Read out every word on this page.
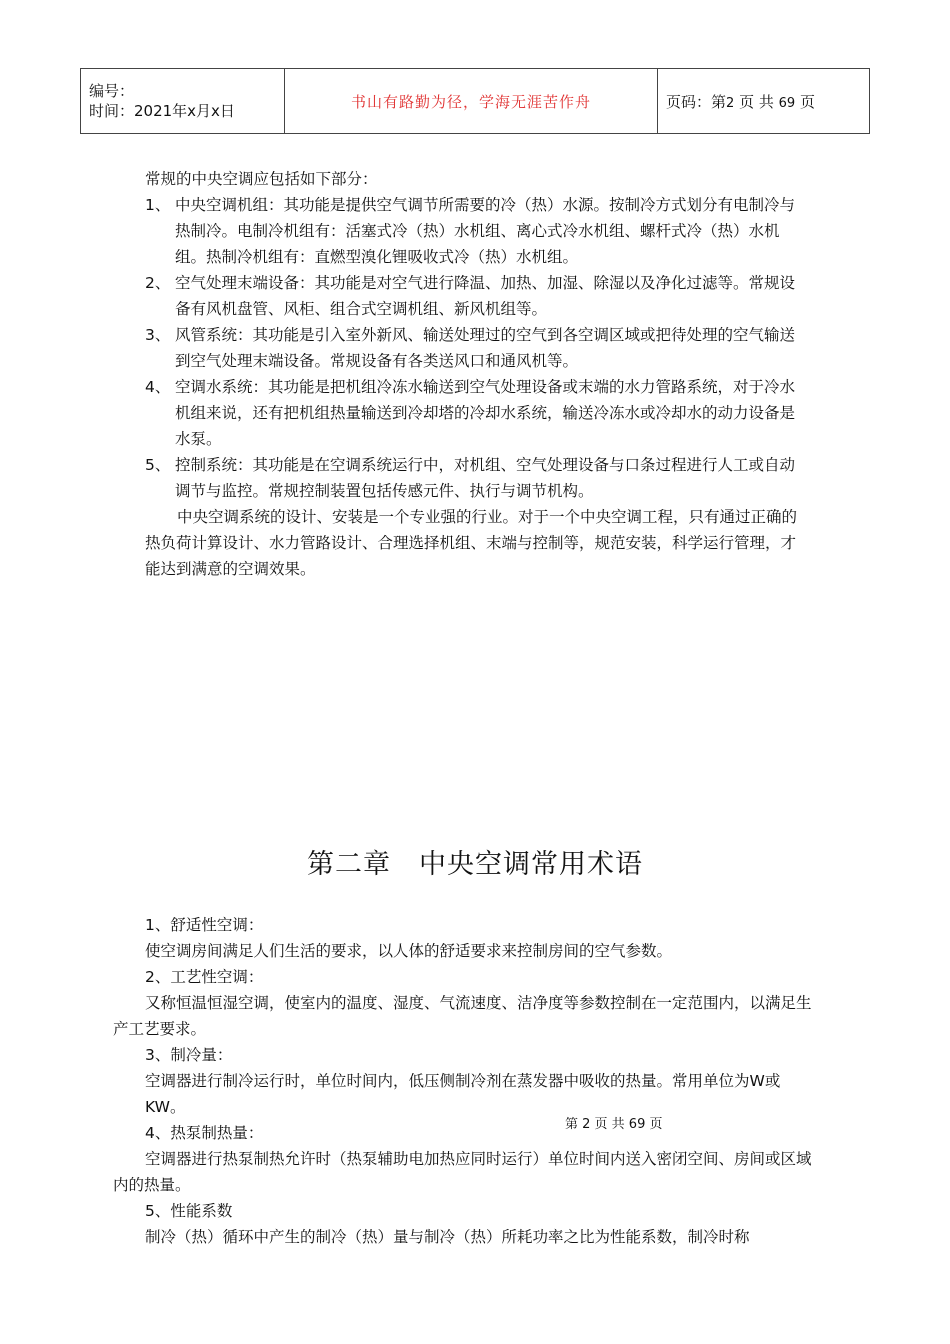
编号：
时间：2021年x月x日
	书山有路勤为径，学海无涯苦作舟	页码：第2 页 共 69 页
常规的中央空调应包括如下部分：
1、 中央空调机组：其功能是提供空气调节所需要的冷（热）水源。按制冷方式划分有电制冷与热制冷。电制冷机组有：活塞式冷（热）水机组、离心式冷水机组、螺杆式冷（热）水机组。热制冷机组有：直燃型溴化锂吸收式冷（热）水机组。
2、 空气处理末端设备：其功能是对空气进行降温、加热、加湿、除湿以及净化过滤等。常规设备有风机盘管、风柜、组合式空调机组、新风机组等。
3、 风管系统：其功能是引入室外新风、输送处理过的空气到各空调区域或把待处理的空气输送到空气处理末端设备。常规设备有各类送风口和通风机等。
4、 空调水系统：其功能是把机组冷冻水输送到空气处理设备或末端的水力管路系统，对于冷水机组来说，还有把机组热量输送到冷却塔的冷却水系统，输送冷冻水或冷却水的动力设备是水泵。
5、 控制系统：其功能是在空调系统运行中，对机组、空气处理设备与口条过程进行人工或自动调节与监控。常规控制装置包括传感元件、执行与调节机构。
中央空调系统的设计、安装是一个专业强的行业。对于一个中央空调工程，只有通过正确的热负荷计算设计、水力管路设计、合理选择机组、末端与控制等，规范安装，科学运行管理，才能达到满意的空调效果。
第二章　中央空调常用术语
1、舒适性空调：
使空调房间满足人们生活的要求，以人体的舒适要求来控制房间的空气参数。
2、工艺性空调：
又称恒温恒湿空调，使室内的温度、湿度、气流速度、洁净度等参数控制在一定范围内，以满足生产工艺要求。
3、制冷量：
空调器进行制冷运行时，单位时间内，低压侧制冷剂在蒸发器中吸收的热量。常用单位为W或KW。
4、热泵制热量：
空调器进行热泵制热允许时（热泵辅助电加热应同时运行）单位时间内送入密闭空间、房间或区域内的热量。
5、性能系数
制冷（热）循环中产生的制冷（热）量与制冷（热）所耗功率之比为性能系数，制冷时称
第 2 页 共 69 页
